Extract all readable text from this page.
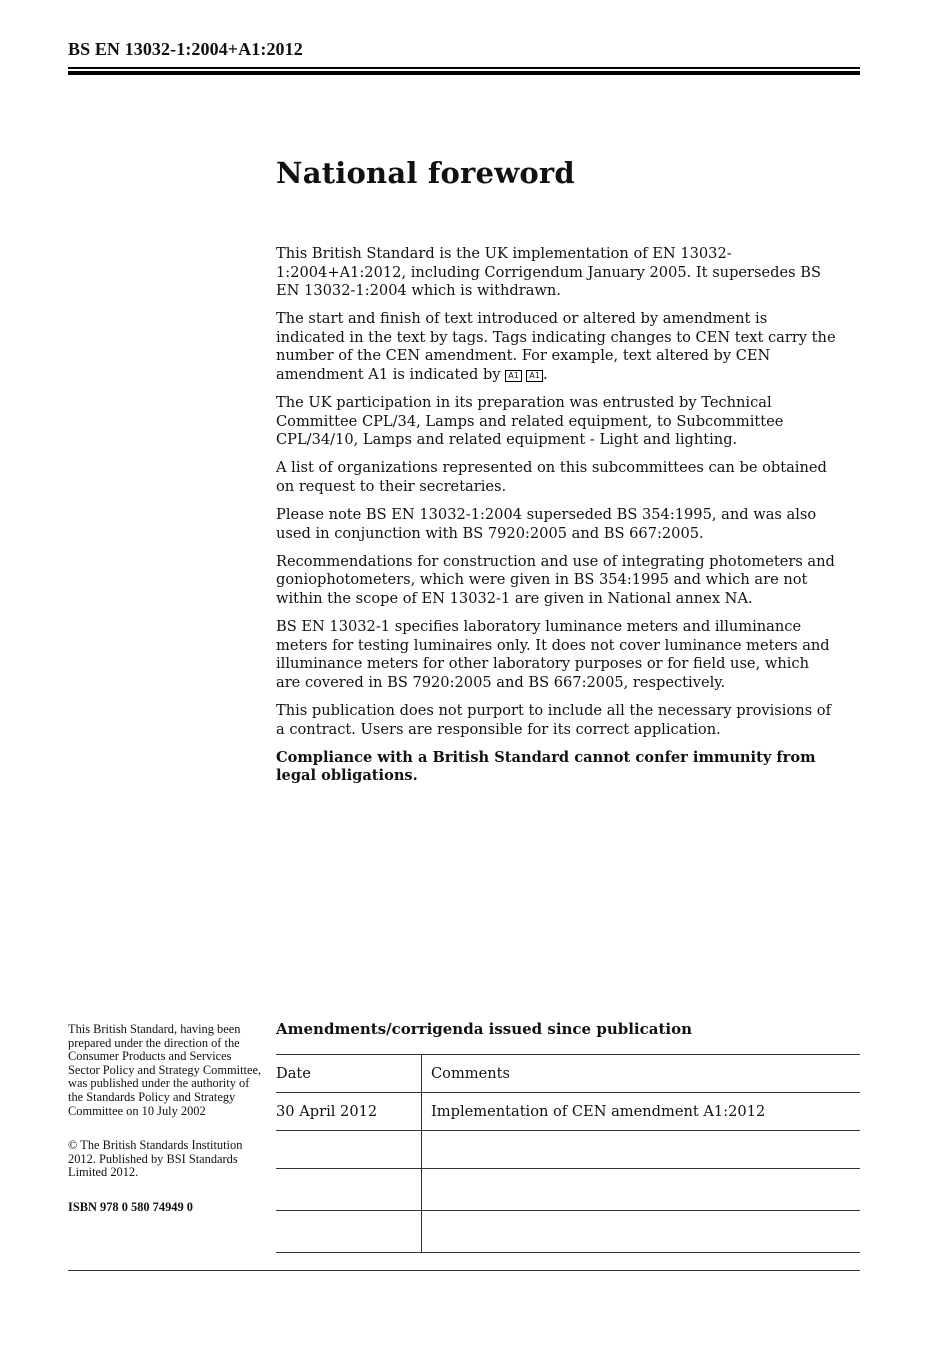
BS EN 13032-1:2004+A1:2012
National foreword

This British Standard is the UK implementation of EN 13032-1:2004+A1:2012, including Corrigendum January 2005. It supersedes BS EN 13032-1:2004 which is withdrawn.

The start and finish of text introduced or altered by amendment is indicated in the text by tags. Tags indicating changes to CEN text carry the number of the CEN amendment. For example, text altered by CEN amendment A1 is indicated by A1 A1 .

The UK participation in its preparation was entrusted by Technical Committee CPL/34, Lamps and related equipment, to Subcommittee CPL/34/10, Lamps and related equipment - Light and lighting.

A list of organizations represented on this subcommittees can be obtained on request to their secretaries.

Please note BS EN 13032-1:2004 superseded BS 354:1995, and was also used in conjunction with BS 7920:2005 and BS 667:2005.

Recommendations for construction and use of integrating photometers and goniophotometers, which were given in BS 354:1995 and which are not within the scope of EN 13032-1 are given in National annex NA.

BS EN 13032-1 specifies laboratory luminance meters and illuminance meters for testing luminaires only. It does not cover luminance meters and illuminance meters for other laboratory purposes or for field use, which are covered in BS 7920:2005 and BS 667:2005, respectively.

This publication does not purport to include all the necessary provisions of a contract. Users are responsible for its correct application.

Compliance with a British Standard cannot confer immunity from legal obligations.

This British Standard, having been prepared under the direction of the Consumer Products and Services Sector Policy and Strategy Committee, was published under the authority of the Standards Policy and Strategy Committee on 10 July 2002

© The British Standards Institution 2012. Published by BSI Standards Limited 2012.

ISBN 978 0 580 74949 0

Amendments/corrigenda issued since publication
Date	Comments
30 April 2012	Implementation of CEN amendment A1:2012
